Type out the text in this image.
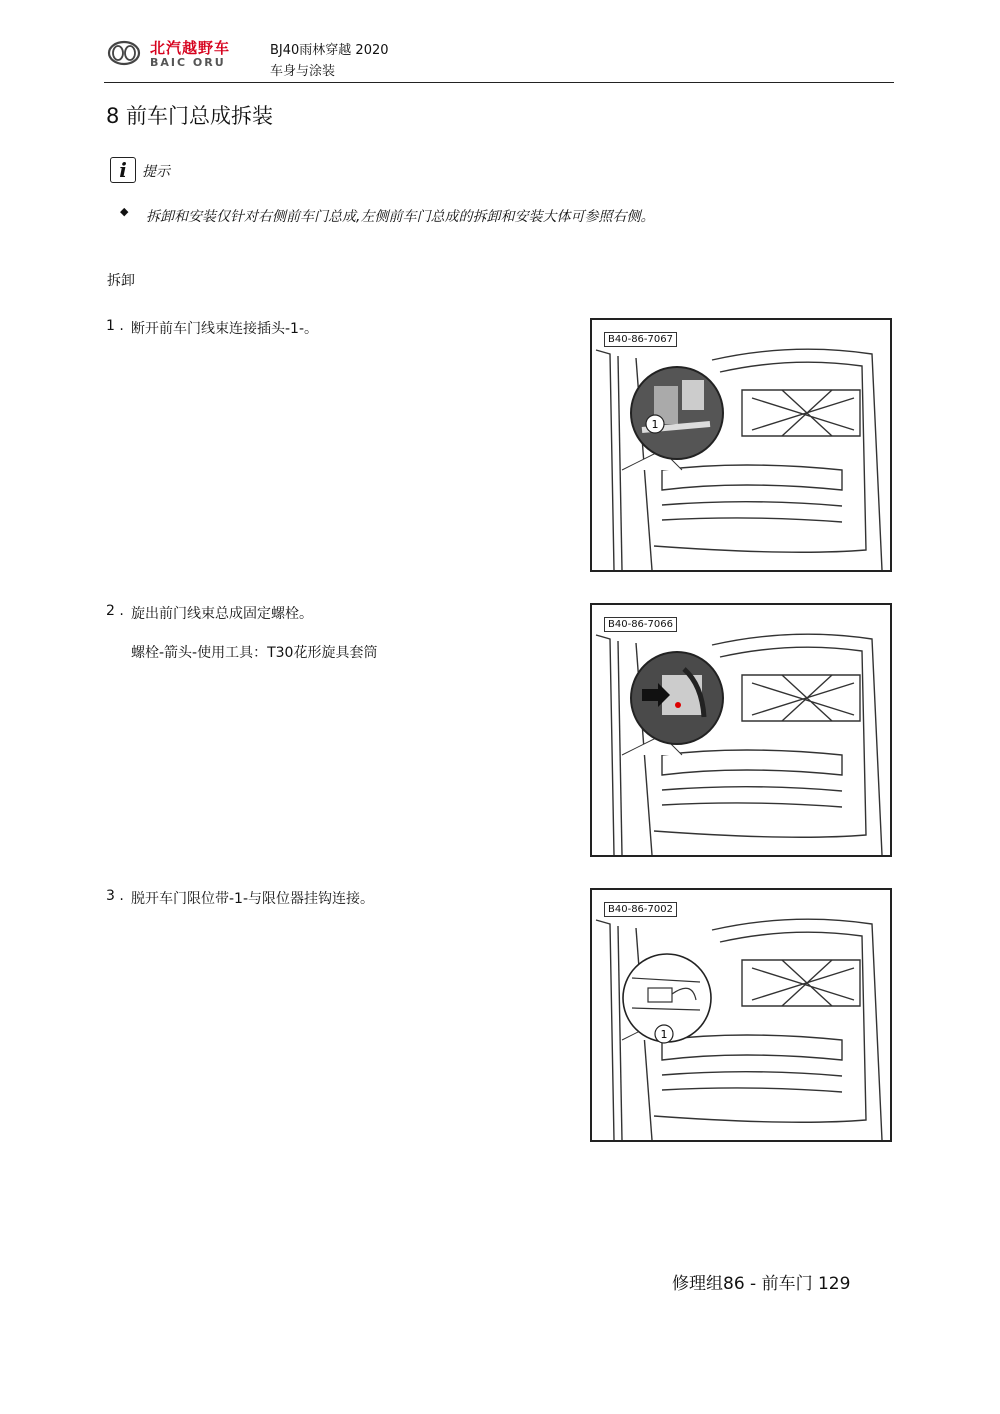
北汽越野车
BAIC ORU
BJ40雨林穿越 2020
车身与涂装
8 前车门总成拆装
i	提示
◆ 拆卸和安装仅针对右侧前车门总成,左侧前车门总成的拆卸和安装大体可参照右侧。
拆卸
1 . 断开前车门线束连接插头-1-。
2 . 旋出前门线束总成固定螺栓。
螺栓-箭头-使用工具：T30花形旋具套筒
3 . 脱开车门限位带-1-与限位器挂钩连接。
1
B40-86-7067
B40-86-7066
1
B40-86-7002
修理组86 - 前车门 129
